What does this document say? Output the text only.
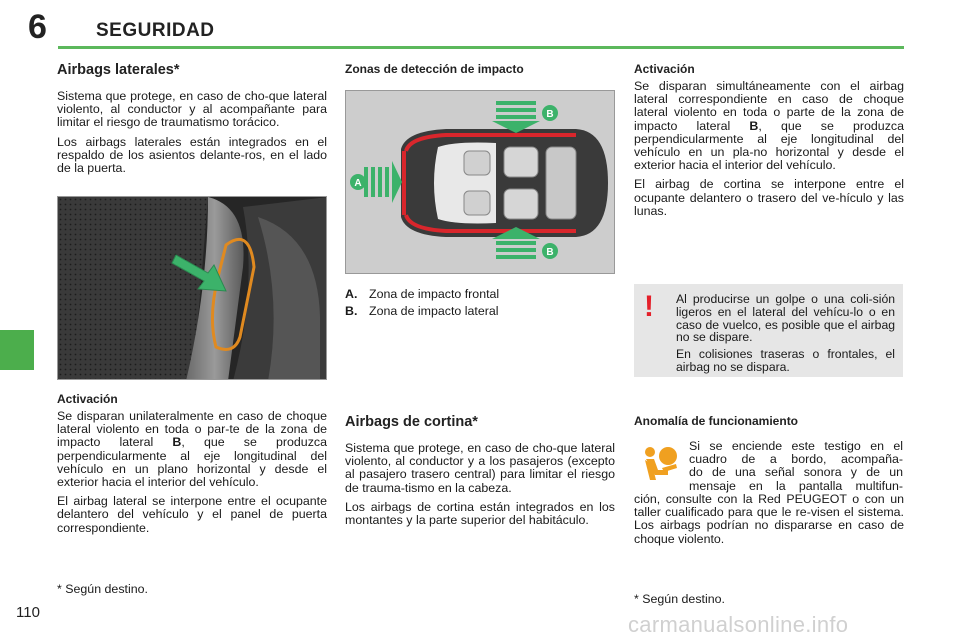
6	SEGURIDAD
Airbags laterales*

Sistema que protege, en caso de cho-que lateral violento, al conductor y al acompañante para limitar el riesgo de traumatismo torácico.

Los airbags laterales están integrados en el respaldo de los asientos delante-ros, en el lado de la puerta.

Activación

Se disparan unilateralmente en caso de choque lateral violento en toda o par-te de la zona de impacto lateral B, que se produzca perpendicularmente al eje longitudinal del vehículo en un plano horizontal y desde el exterior hacia el interior del vehículo.

El airbag lateral se interpone entre el ocupante delantero del vehículo y el panel de puerta correspondiente.

* Según destino.
Zonas de detección de impacto
A
B
B
A. Zona de impacto frontal
B. Zona de impacto lateral
Airbags de cortina*

Sistema que protege, en caso de cho-que lateral violento, al conductor y a los pasajeros (excepto al pasajero trasero central) para limitar el riesgo de trauma-tismo en la cabeza.

Los airbags de cortina están integrados en los montantes y la parte superior del habitáculo.

Activación

Se disparan simultáneamente con el airbag lateral correspondiente en caso de choque lateral violento en toda o parte de la zona de impacto lateral B, que se produzca perpendicularmente al eje longitudinal del vehículo en un pla-no horizontal y desde el exterior hacia el interior del vehículo.

El airbag de cortina se interpone entre el ocupante delantero o trasero del ve-hículo y las lunas.

! Al producirse un golpe o una coli-sión ligeros en el lateral del vehícu-lo o en caso de vuelco, es posible que el airbag no se dispare.

En colisiones traseras o frontales, el airbag no se dispara.

Anomalía de funcionamiento
Si se enciende este testigo en el
cuadro de a bordo, acompaña-
do de una señal sonora y de un
mensaje en la pantalla multifun-

ción, consulte con la Red PEUGEOT o con un taller cualificado para que le re-visen el sistema. Los airbags podrían no dispararse en caso de choque violento.

* Según destino.
110	carmanualsonline.info
